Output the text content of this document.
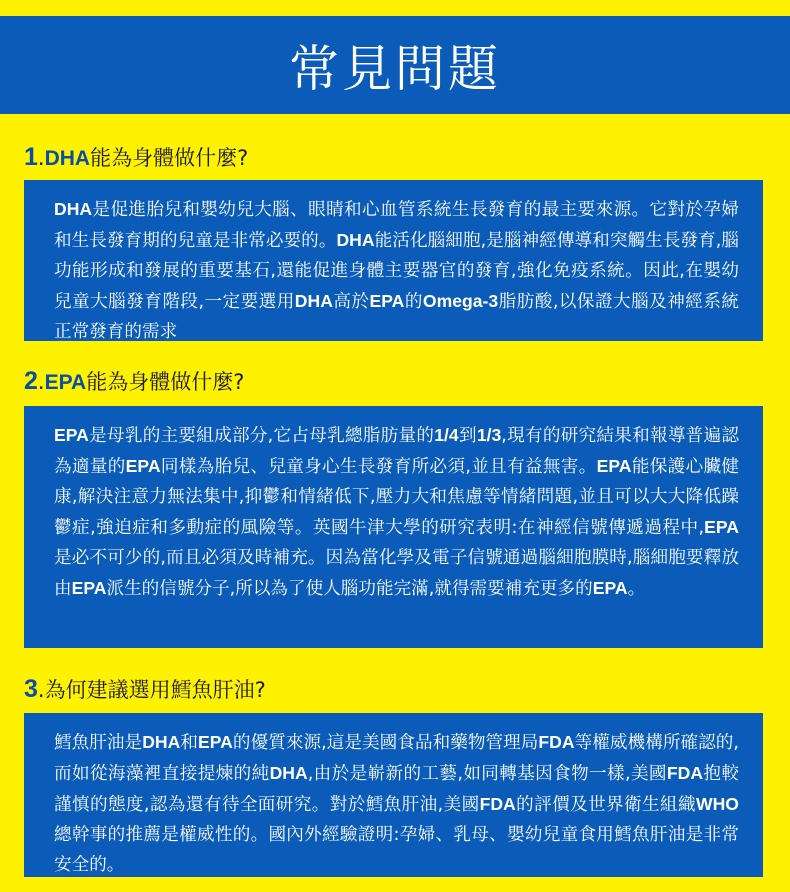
常見問題
1 . DHA能為身體做什麼?

DHA是促進胎兒和嬰幼兒大腦、眼睛和心血管系統生長發育的最主要來源。它對於孕婦和生長發育期的兒童是非常必要的。DHA能活化腦細胞,是腦神經傳導和突觸生長發育,腦功能形成和發展的重要基石,還能促進身體主要器官的發育,強化免疫系統。因此,在嬰幼兒童大腦發育階段,一定要選用DHA高於EPA的Omega-3脂肪酸,以保證大腦及神經系統正常發育的需求

2 . EPA能為身體做什麼?

EPA是母乳的主要組成部分,它占母乳總脂肪量的1/4到1/3,現有的研究結果和報導普遍認為適量的EPA同樣為胎兒、兒童身心生長發育所必須,並且有益無害。EPA能保護心臟健康,解決注意力無法集中,抑鬱和情緒低下,壓力大和焦慮等情緒問題,並且可以大大降低躁鬱症,強迫症和多動症的風險等。英國牛津大學的研究表明:在神經信號傳遞過程中,EPA是必不可少的,而且必須及時補充。因為當化學及電子信號通過腦細胞膜時,腦細胞要釋放由EPA派生的信號分子,所以為了使人腦功能完滿,就得需要補充更多的EPA。

3 . 為何建議選用鱈魚肝油?

鱈魚肝油是DHA和EPA的優質來源,這是美國食品和藥物管理局FDA等權威機構所確認的,而如從海藻裡直接提煉的純DHA,由於是嶄新的工藝,如同轉基因食物一樣,美國FDA抱較謹慎的態度,認為還有待全面研究。對於鱈魚肝油,美國FDA的評價及世界衛生組織WHO總幹事的推薦是權威性的。國內外經驗證明:孕婦、乳母、嬰幼兒童食用鱈魚肝油是非常安全的。
